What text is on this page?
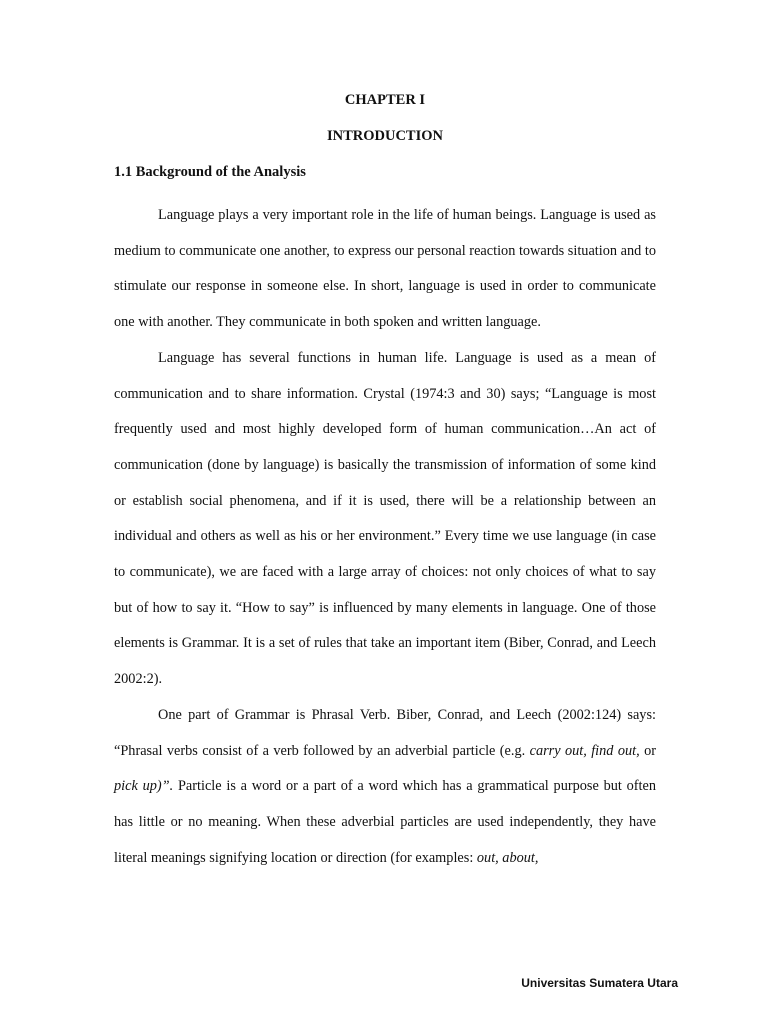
CHAPTER I
INTRODUCTION
1.1 Background of the Analysis

Language plays a very important role in the life of human beings. Language is used as medium to communicate one another, to express our personal reaction towards situation and to stimulate our response in someone else. In short, language is used in order to communicate one with another. They communicate in both spoken and written language.

Language has several functions in human life. Language is used as a mean of communication and to share information. Crystal (1974:3 and 30) says; “Language is most frequently used and most highly developed form of human communication…An act of communication (done by language) is basically the transmission of information of some kind or establish social phenomena, and if it is used, there will be a relationship between an individual and others as well as his or her environment.” Every time we use language (in case to communicate), we are faced with a large array of choices: not only choices of what to say but of how to say it. “How to say” is influenced by many elements in language. One of those elements is Grammar. It is a set of rules that take an important item (Biber, Conrad, and Leech 2002:2).

One part of Grammar is Phrasal Verb. Biber, Conrad, and Leech (2002:124) says: “Phrasal verbs consist of a verb followed by an adverbial particle (e.g. carry out, find out, or pick up)”. Particle is a word or a part of a word which has a grammatical purpose but often has little or no meaning. When these adverbial particles are used independently, they have literal meanings signifying location or direction (for examples: out, about,

Universitas Sumatera Utara
